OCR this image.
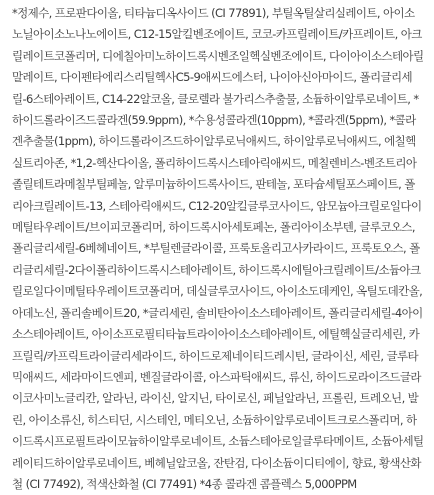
*정제수, 프로판다이올, 티타늄디옥사이드 (CI 77891), 부틸옥틸살리실레이트, 아이소노닐아이소노나노에이트, C12-15알킬벤조에이트, 코코-카프릴레이트/카프레이트, 아크릴레이트코폴리머, 디에칠아미노하이드록시벤조일헥실벤조에이트, 다이아이소스테아릴말레이트, 다이펜타에리스리틸헥사C5-9애씨드에스터, 나이아신아마이드, 폴리글리세릴-6스테아레이트, C14-22알코올, 클로렐라 불가리스추출물, 소듐하이알루로네이트, *하이드롤라이즈드콜라겐(59.9ppm), *수용성콜라겐(10ppm), *콜라겐(5ppm), *콜라겐추출물(1ppm), 하이드롤라이즈드하이알루로닉애씨드, 하이알루로닉애씨드, 에칠헥실트리아존, *1,2-헥산다이올, 폴리하이드록시스테아릭애씨드, 메칠렌비스-벤조트리아졸릴테트라메칠부틸페놀, 알루미늄하이드록사이드, 판테놀, 포타슘세틸포스페이트, 폴리아크릴레이트-13, 스테아릭애씨드, C12-20알킬글루코사이드, 암모늄아크릴로일다이메틸타우레이트/브이피코폴리머, 하이드록시아세토페논, 폴리아이소부텐, 글루코오스, 폴리글리세릴-6베헤네이트, *부틸렌글라이콜, 프룩토올리고사카라이드, 프룩토오스, 폴리글리세릴-2다이폴리하이드록시스테아레이트, 하이드록시에틸아크릴레이트/소듐아크릴로일다이메틸타우레이트코폴리머, 데실글루코사이드, 아이소도데케인, 옥틸도데칸올, 아데노신, 폴리솔베이트20, *글리세린, 솔비탄아이소스테아레이트, 폴리글리세릴-4아이소스테아레이트, 아이소프로필티타늄트라이아이소스테아레이트, 에틸헥실글리세린, 카프릴릭/카프릭트라이글리세라이드, 하이드로제네이티드레시틴, 글라이신, 세린, 글루타믹애씨드, 세라마이드엔피, 벤질글라이콜, 아스파틱애씨드, 류신, 하이드로라이즈드글라이코사미노글리칸, 알라닌, 라이신, 알지닌, 타이로신, 페닐알라닌, 프롤린, 트레오닌, 발린, 아이소류신, 히스티딘, 시스테인, 메티오닌, 소듐하이알루로네이트크로스폴리머, 하이드록시프로필트라이모늄하이알루로네이트, 소듐스테아로일글루타메이트, 소듐아세틸레이티드하이알루로네이트, 베헤닐알코올, 잔탄검, 다이소듐이디티에이, 향료, 황색산화철 (CI 77492), 적색산화철 (CI 77491) *4종 콜라겐 콤플렉스 5,000PPM
